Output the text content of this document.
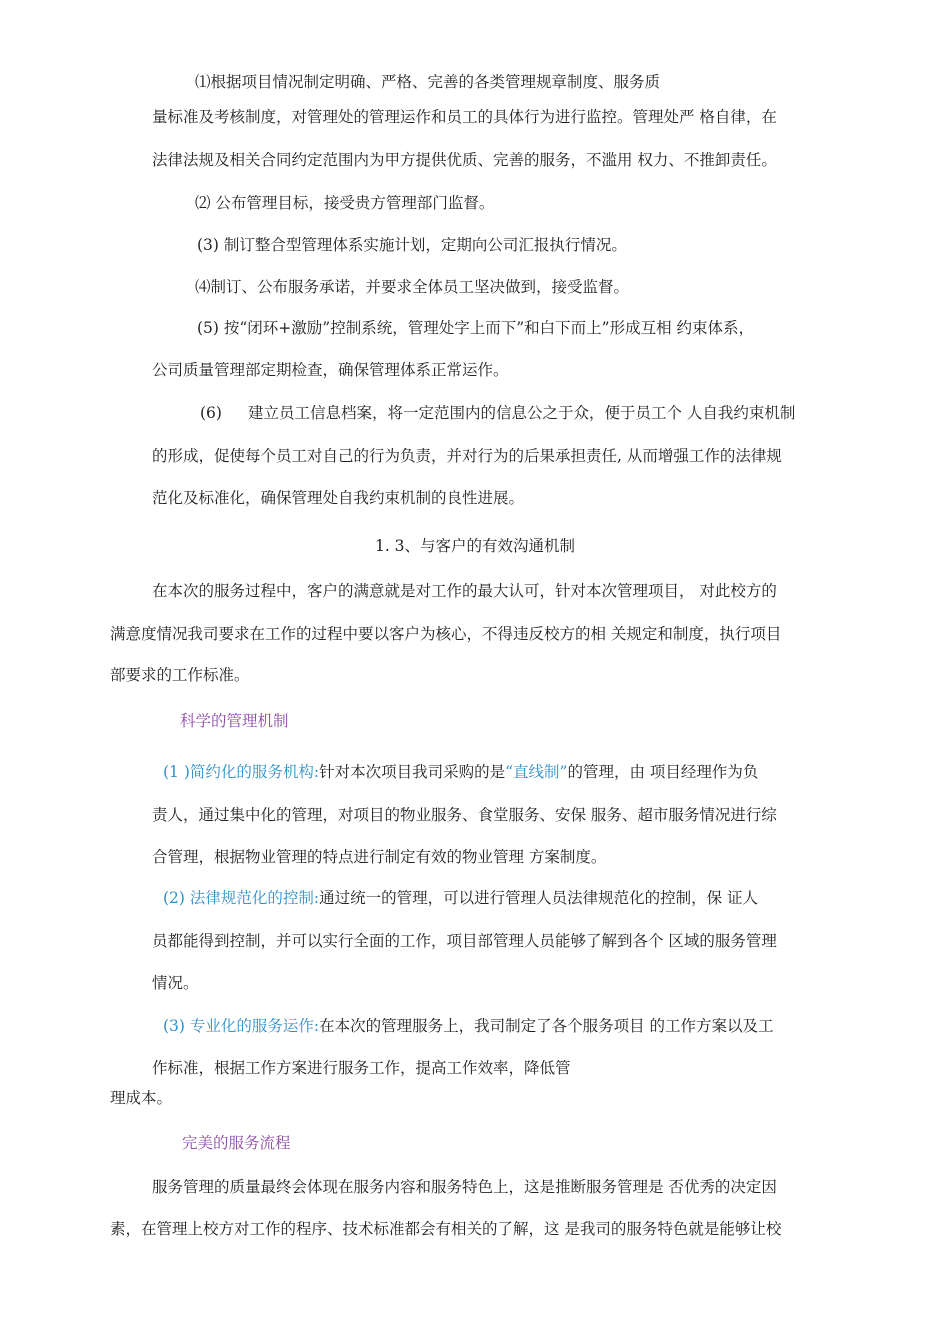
⑴根据项目情况制定明确、严格、完善的各类管理规章制度、服务质
量标准及考核制度，对管理处的管理运作和员工的具体行为进行监控。管理处严 格自律，在
法律法规及相关合同约定范围内为甲方提供优质、完善的服务，不滥用 权力、不推卸责任。
⑵ 公布管理目标，接受贵方管理部门监督。
(3) 制订整合型管理体系实施计划，定期向公司汇报执行情况。
⑷制订、公布服务承诺，并要求全体员工坚决做到，接受监督。
(5) 按“闭环+激励”控制系统，管理处字上而下”和白下而上”形成互相 约束体系，
公司质量管理部定期检查，确保管理体系正常运作。
(6) 建立员工信息档案，将一定范围内的信息公之于众，便于员工个 人自我约束机制
的形成，促使每个员工对自己的行为负责，并对行为的后果承担责任, 从而增强工作的法律规
范化及标准化，确保管理处自我约束机制的良性进展。
1. 3、与客户的有效沟通机制
在本次的服务过程中，客户的满意就是对工作的最大认可，针对本次管理项目， 对此校方的
满意度情况我司要求在工作的过程中要以客户为核心，不得违反校方的相 关规定和制度，执行项目
部要求的工作标准。
科学的管理机制
(1 )简约化的服务机构:针对本次项目我司采购的是“直线制”的管理，由 项目经理作为负
责人，通过集中化的管理，对项目的物业服务、食堂服务、安保 服务、超市服务情况进行综
合管理，根据物业管理的特点进行制定有效的物业管理 方案制度。
(2) 法律规范化的控制:通过统一的管理，可以进行管理人员法律规范化的控制，保 证人
员都能得到控制，并可以实行全面的工作，项目部管理人员能够了解到各个 区域的服务管理
情况。
(3) 专业化的服务运作:在本次的管理服务上，我司制定了各个服务项目 的工作方案以及工
作标准，根据工作方案进行服务工作，提高工作效率，降低管
理成本。
完美的服务流程
服务管理的质量最终会体现在服务内容和服务特色上，这是推断服务管理是 否优秀的决定因
素，在管理上校方对工作的程序、技术标准都会有相关的了解，这 是我司的服务特色就是能够让校
